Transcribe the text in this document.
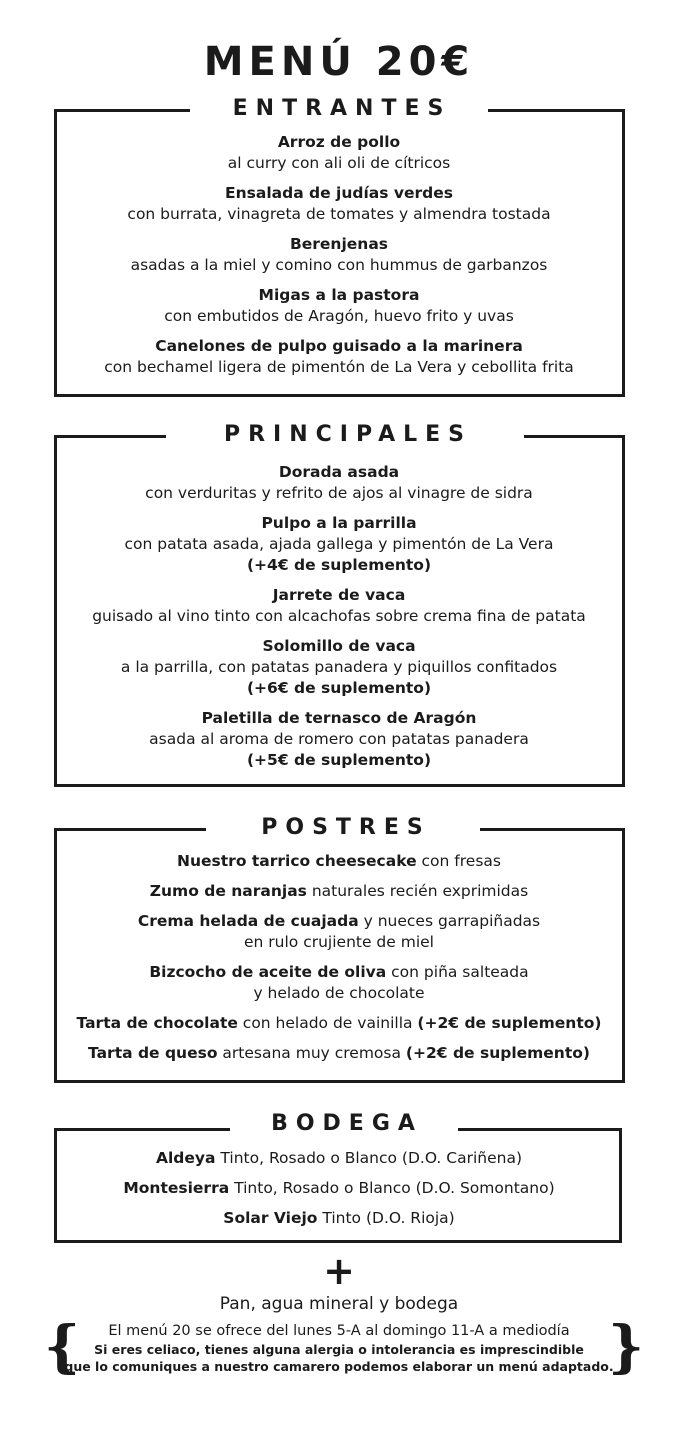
MENÚ 20€
ENTRANTES
Arroz de pollo
al curry con ali oli de cítricos
Ensalada de judías verdes
con burrata, vinagreta de tomates y almendra tostada
Berenjenas
asadas a la miel y comino con hummus de garbanzos
Migas a la pastora
con embutidos de Aragón, huevo frito y uvas
Canelones de pulpo guisado a la marinera
con bechamel ligera de pimentón de La Vera y cebollita frita
PRINCIPALES
Dorada asada
con verduritas y refrito de ajos al vinagre de sidra
Pulpo a la parrilla
con patata asada, ajada gallega y pimentón de La Vera
(+4€ de suplemento)
Jarrete de vaca
guisado al vino tinto con alcachofas sobre crema fina de patata
Solomillo de vaca
a la parrilla, con patatas panadera y piquillos confitados
(+6€ de suplemento)
Paletilla de ternasco de Aragón
asada al aroma de romero con patatas panadera
(+5€ de suplemento)
POSTRES
Nuestro tarrico cheesecake con fresas
Zumo de naranjas naturales recién exprimidas
Crema helada de cuajada y nueces garrapiñadas
en rulo crujiente de miel
Bizcocho de aceite de oliva con piña salteada
y helado de chocolate
Tarta de chocolate con helado de vainilla (+2€ de suplemento)
Tarta de queso artesana muy cremosa (+2€ de suplemento)
BODEGA
Aldeya Tinto, Rosado o Blanco (D.O. Cariñena)
Montesierra Tinto, Rosado o Blanco (D.O. Somontano)
Solar Viejo Tinto (D.O. Rioja)
+
Pan, agua mineral y bodega
{	}
El menú 20 se ofrece del lunes 5-A al domingo 11-A a mediodía
Si eres celiaco, tienes alguna alergia o intolerancia es imprescindible
que lo comuniques a nuestro camarero podemos elaborar un menú adaptado.
